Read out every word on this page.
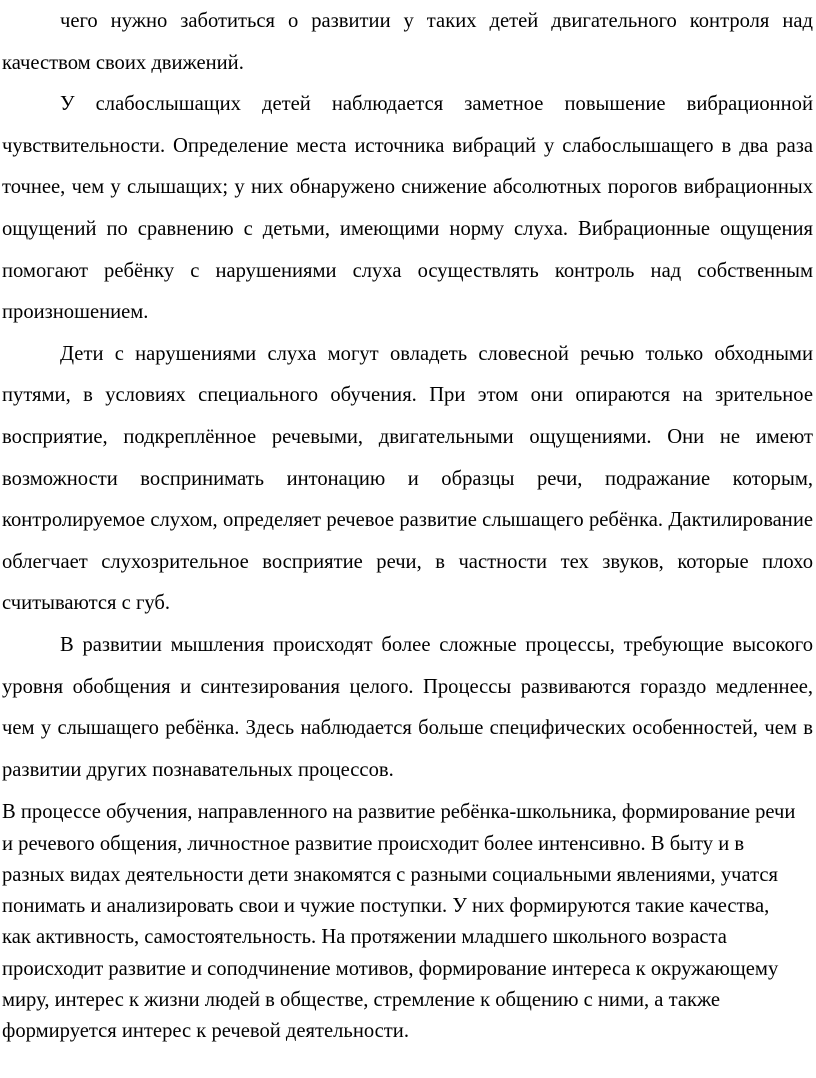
чего нужно заботиться о развитии у таких детей двигательного контроля над качеством своих движений.

У слабослышащих детей наблюдается заметное повышение вибрационной чувствительности. Определение места источника вибраций у слабослышащего в два раза точнее, чем у слышащих; у них обнаружено снижение абсолютных порогов вибрационных ощущений по сравнению с детьми, имеющими норму слуха. Вибрационные ощущения помогают ребёнку с нарушениями слуха осуществлять контроль над собственным произношением.

Дети с нарушениями слуха могут овладеть словесной речью только обходными путями, в условиях специального обучения. При этом они опираются на зрительное восприятие, подкреплённое речевыми, двигательными ощущениями. Они не имеют возможности воспринимать интонацию и образцы речи, подражание которым, контролируемое слухом, определяет речевое развитие слышащего ребёнка. Дактилирование облегчает слухозрительное восприятие речи, в частности тех звуков, которые плохо считываются с губ.

В развитии мышления происходят более сложные процессы, требующие высокого уровня обобщения и синтезирования целого. Процессы развиваются гораздо медленнее, чем у слышащего ребёнка. Здесь наблюдается больше специфических особенностей, чем в развитии других познавательных процессов.

В процессе обучения, направленного на развитие ребёнка-школьника, формирование речи и речевого общения, личностное развитие происходит более интенсивно. В быту и в разных видах деятельности дети знакомятся с разными социальными явлениями, учатся понимать и анализировать свои и чужие поступки. У них формируются такие качества, как активность, самостоятельность. На протяжении младшего школьного возраста происходит развитие и соподчинение мотивов, формирование интереса к окружающему миру, интерес к жизни людей в обществе, стремление к общению с ними, а также формируется интерес к речевой деятельности.
